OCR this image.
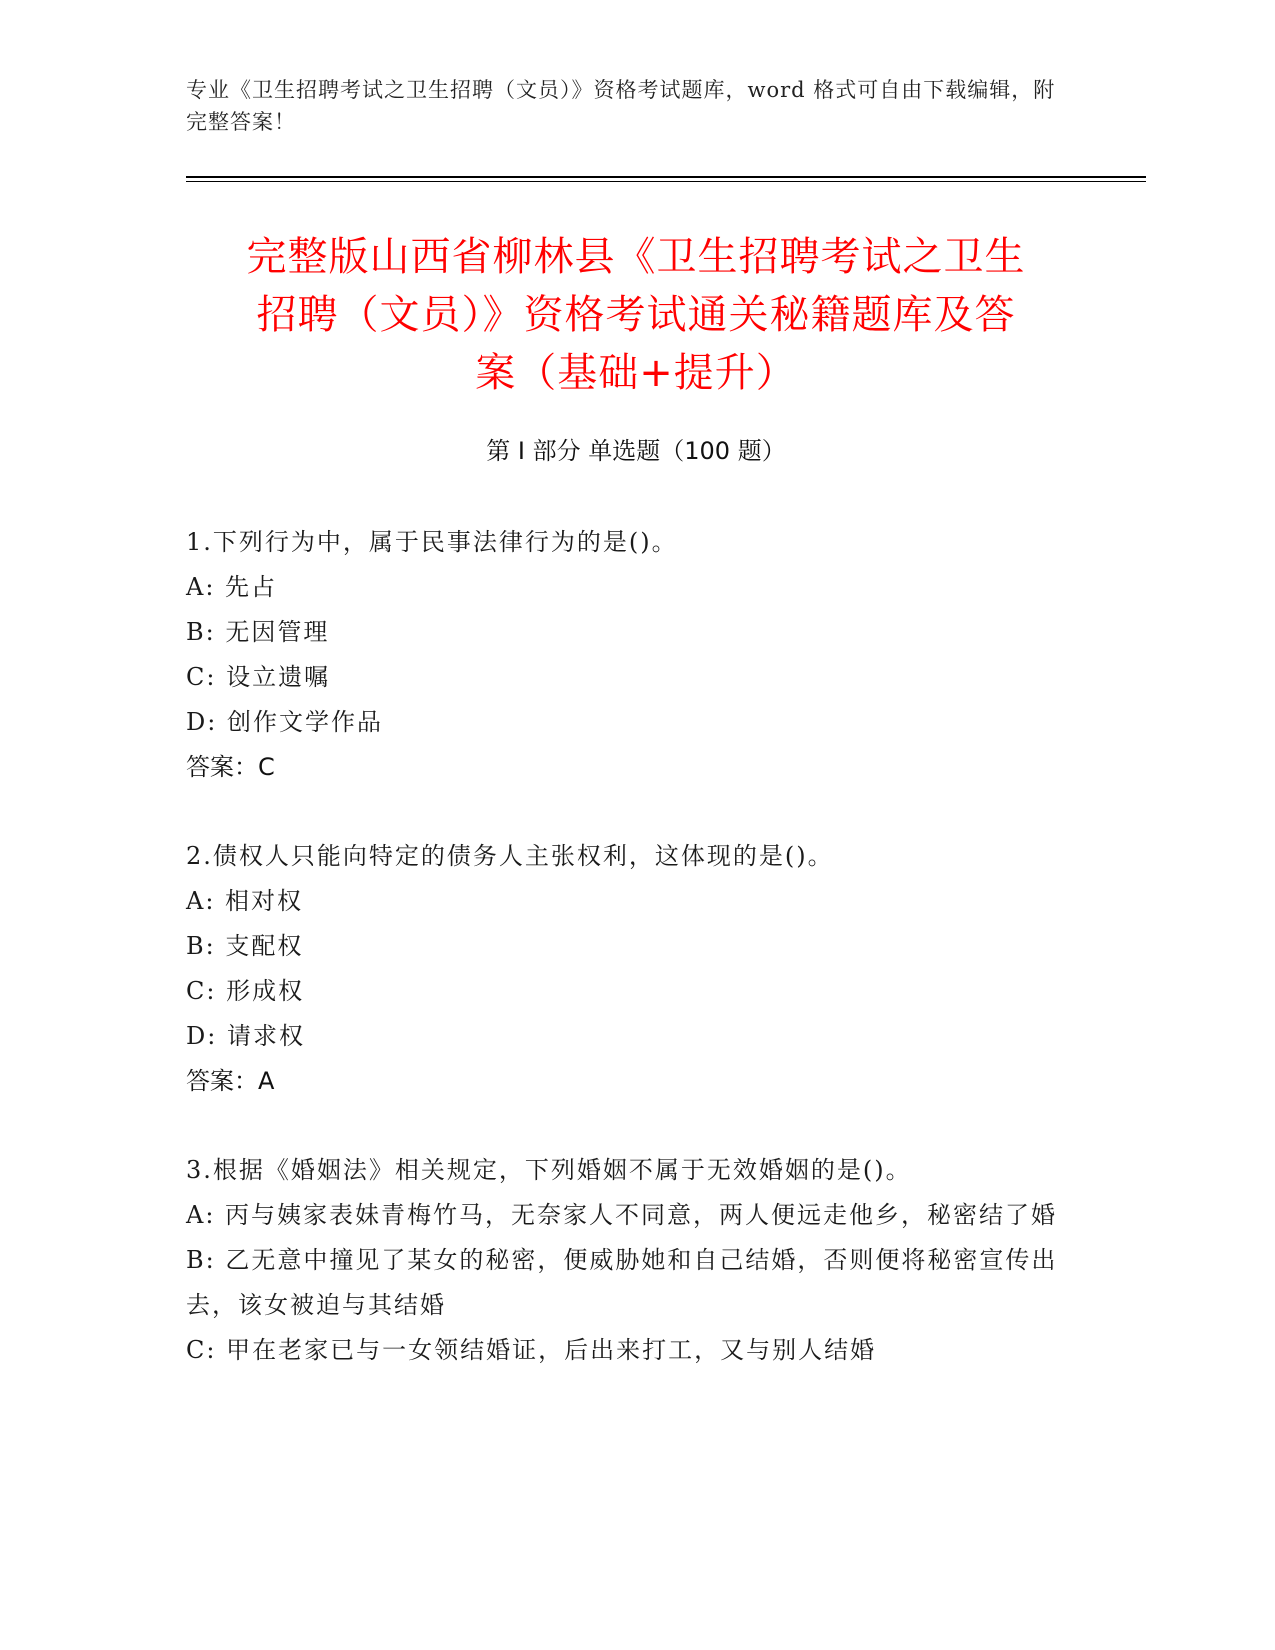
专业《卫生招聘考试之卫生招聘（文员）》资格考试题库，word 格式可自由下载编辑，附完整答案！
完整版山西省柳林县《卫生招聘考试之卫生
招聘（文员）》资格考试通关秘籍题库及答
案（基础+提升）
第 I 部分 单选题（100 题）

1.下列行为中，属于民事法律行为的是()。

A: 先占

B: 无因管理

C: 设立遗嘱

D: 创作文学作品

答案：C

2.债权人只能向特定的债务人主张权利，这体现的是()。

A: 相对权

B: 支配权

C: 形成权

D: 请求权

答案：A

3.根据《婚姻法》相关规定，下列婚姻不属于无效婚姻的是()。

A: 丙与姨家表妹青梅竹马，无奈家人不同意，两人便远走他乡，秘密结了婚

B: 乙无意中撞见了某女的秘密，便威胁她和自己结婚，否则便将秘密宣传出去，该女被迫与其结婚

C: 甲在老家已与一女领结婚证，后出来打工，又与别人结婚
